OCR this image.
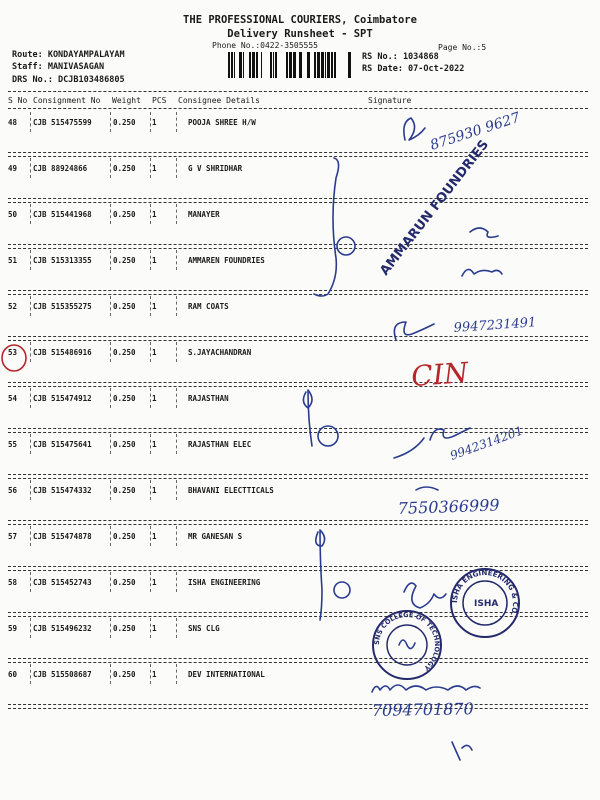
THE PROFESSIONAL COURIERS, Coimbatore
Delivery Runsheet - SPT
Phone No.:0422-3505555	Page No.:5
Route: KONDAYAMPALAYAM
Staff: MANIVASAGAN
DRS No.: DCJB103486805
RS No.: 1034868
RS Date: 07-Oct-2022
S No Consignment No Weight PCS Consignee Details	Signature
48 CJB 515475599	0.250 1	POOJA SHREE H/W
49 CJB 88924866	0.250 1	G V SHRIDHAR
50 CJB 515441968	0.250 1	MANAYER
51 CJB 515313355	0.250 1	AMMAREN FOUNDRIES
52 CJB 515355275	0.250 1	RAM COATS
53 CJB 515486916	0.250 1	S.JAYACHANDRAN
54 CJB 515474912	0.250 1	RAJASTHAN
55 CJB 515475641	0.250 1	RAJASTHAN ELEC
56 CJB 515474332	0.250 1	BHAVANI ELECTTICALS
57 CJB 515474878	0.250 1	MR GANESAN S
58 CJB 515452743	0.250 1	ISHA ENGINEERING
59 CJB 515496232	0.250 1	SNS CLG
60 CJB 515508687	0.250 1	DEV INTERNATIONAL
875930 9627
AMMARUN FOUNDRIES
9947231491
CIN
9942314201
7550366999
ISHA ENGINEERING & CO.
ISHA
SNS COLLEGE OF TECHNOLOGY
7094701870
